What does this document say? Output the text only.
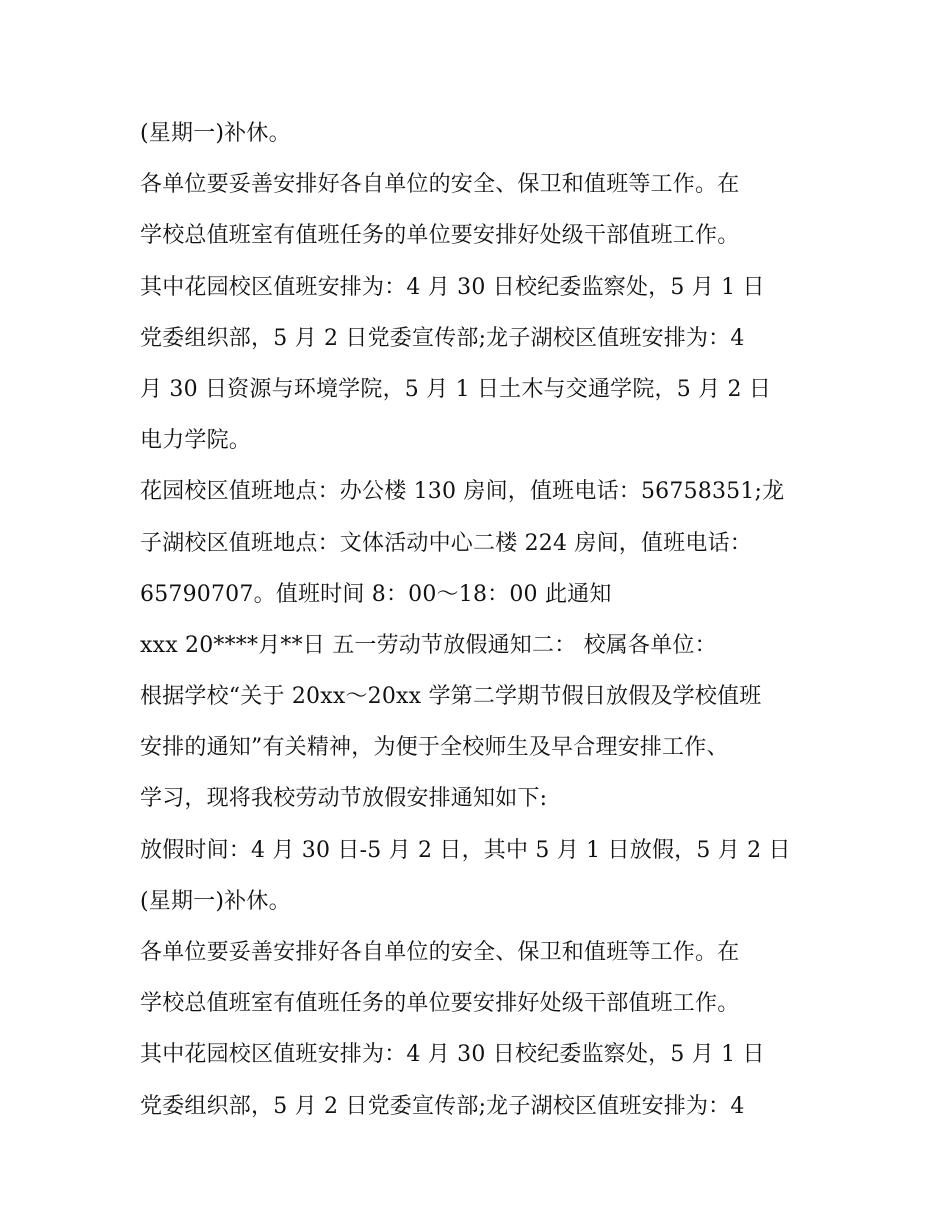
(星期一)补休。
各单位要妥善安排好各自单位的安全、保卫和值班等工作。在
学校总值班室有值班任务的单位要安排好处级干部值班工作。
其中花园校区值班安排为：4 月 30 日校纪委监察处，5 月 1 日
党委组织部，5 月 2 日党委宣传部;龙子湖校区值班安排为：4
月 30 日资源与环境学院，5 月 1 日土木与交通学院，5 月 2 日
电力学院。
花园校区值班地点：办公楼 130 房间，值班电话：56758351;龙
子湖校区值班地点：文体活动中心二楼 224 房间，值班电话：
65790707。值班时间 8：00～18：00 此通知
xxx 20****月**日 五一劳动节放假通知二： 校属各单位：
根据学校“关于 20xx～20xx 学第二学期节假日放假及学校值班
安排的通知”有关精神，为便于全校师生及早合理安排工作、
学习，现将我校劳动节放假安排通知如下:
放假时间：4 月 30 日-5 月 2 日，其中 5 月 1 日放假，5 月 2 日
(星期一)补休。
各单位要妥善安排好各自单位的安全、保卫和值班等工作。在
学校总值班室有值班任务的单位要安排好处级干部值班工作。
其中花园校区值班安排为：4 月 30 日校纪委监察处，5 月 1 日
党委组织部，5 月 2 日党委宣传部;龙子湖校区值班安排为：4
